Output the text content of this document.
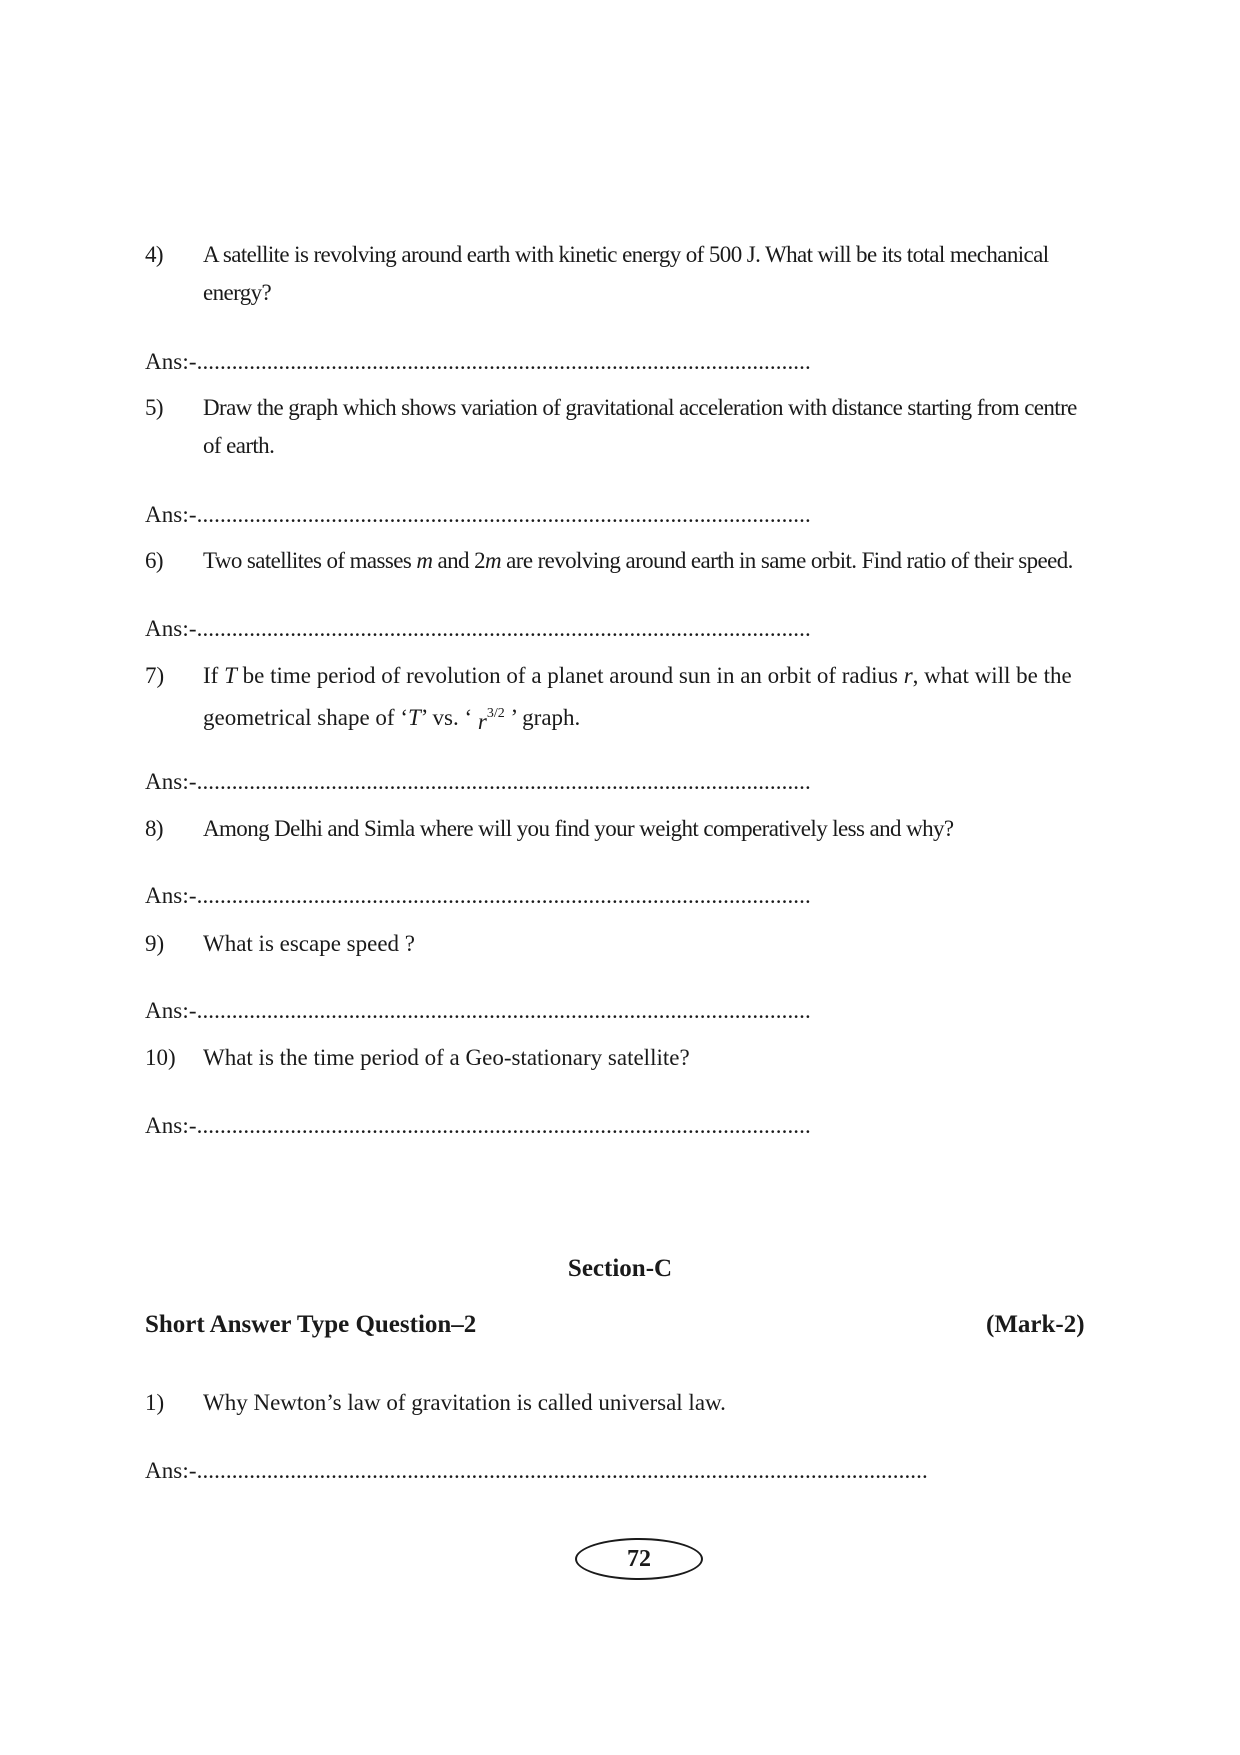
4) A satellite is revolving around earth with kinetic energy of 500 J. What will be its total mechanical
energy?
Ans:-.........................................................................................................
5) Draw the graph which shows variation of gravitational acceleration with distance starting from centre
of earth.
Ans:-.........................................................................................................
6) Two satellites of masses m and 2m are revolving around earth in same orbit. Find ratio of their speed.
Ans:-.........................................................................................................
7) If T be time period of revolution of a planet around sun in an orbit of radius r, what will be the
geometrical shape of ‘T’ vs. ‘ $r^{3/2}$ ’ graph.
Ans:-.........................................................................................................
8) Among Delhi and Simla where will you find your weight comperatively less and why?
Ans:-.........................................................................................................
9) What is escape speed ?
Ans:-.........................................................................................................
10) What is the time period of a Geo-stationary satellite?
Ans:-.........................................................................................................
Section-C
Short Answer Type Question–2	(Mark-2)
1) Why Newton’s law of gravitation is called universal law.
Ans:-.............................................................................................................................
72
